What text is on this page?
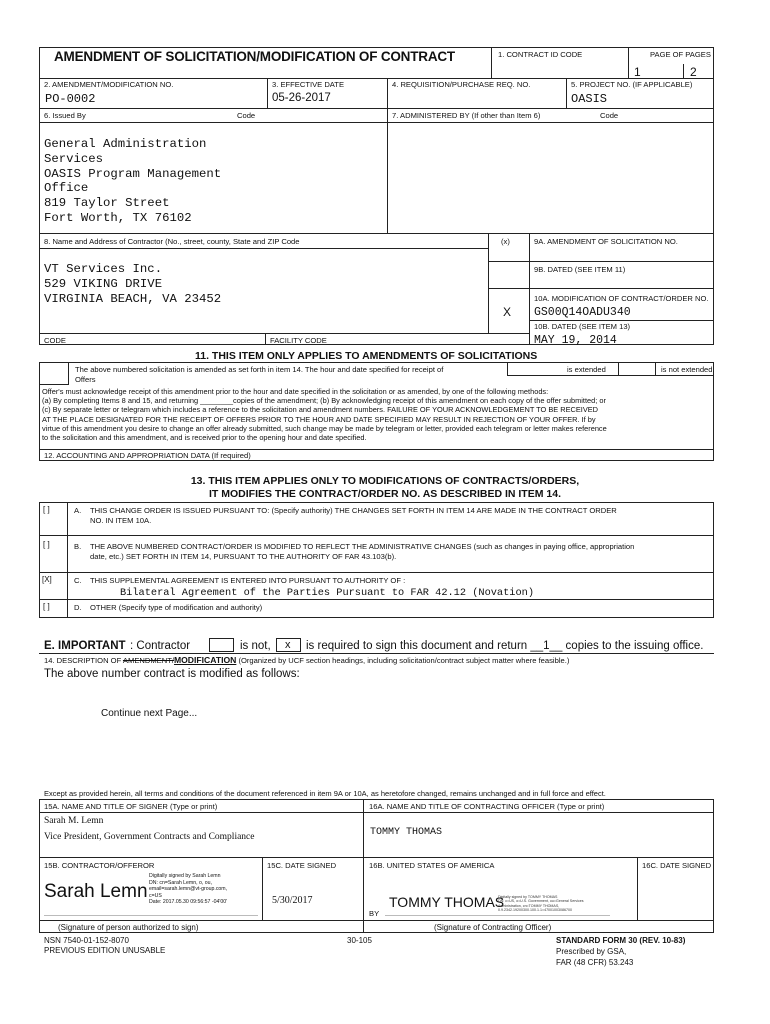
AMENDMENT OF SOLICITATION/MODIFICATION OF CONTRACT	1. CONTRACT ID CODE	PAGE OF PAGES
1	2
2. AMENDMENT/MODIFICATION NO.
PO-0002
3. EFFECTIVE DATE
05-26-2017
4. REQUISITION/PURCHASE REQ. NO.	5. PROJECT NO. (IF APPLICABLE)
OASIS
6. Issued By	Code	7. ADMINISTERED BY (If other than Item 6)	Code
General Administration
Services
OASIS Program Management
Office
819 Taylor Street
Fort Worth, TX 76102
8. Name and Address of Contractor (No., street, county, State and ZIP Code	(x)
VT Services Inc.
529 VIKING DRIVE
VIRGINIA BEACH, VA 23452
9A. AMENDMENT OF SOLICITATION NO.
9B. DATED (SEE ITEM 11)
10A. MODIFICATION OF CONTRACT/ORDER NO.
X GS00Q14OADU340
10B. DATED (SEE ITEM 13)
MAY 19, 2014
CODE	FACILITY CODE
11. THIS ITEM ONLY APPLIES TO AMENDMENTS OF SOLICITATIONS
The above numbered solicitation is amended as set forth in item 14. The hour and date specified for receipt of
Offers
is extended	is not extended.
Offer's must acknowledge receipt of this amendment prior to the hour and date specified in the solicitation or as amended, by one of the following methods:
(a) By completing Items 8 and 15, and returning ________copies of the amendment; (b) By acknowledging receipt of this amendment on each copy of the offer submitted; or
(c) By separate letter or telegram which includes a reference to the solicitation and amendment numbers. FAILURE OF YOUR ACKNOWLEDGEMENT TO BE RECEIVED
AT THE PLACE DESIGNATED FOR THE RECEIPT OF OFFERS PRIOR TO THE HOUR AND DATE SPECIFIED MAY RESULT IN REJECTION OF YOUR OFFER. If by
virtue of this amendment you desire to change an offer already submitted, such change may be made by telegram or letter, provided each telegram or letter makes reference
to the solicitation and this amendment, and is received prior to the opening hour and date specified.
12. ACCOUNTING AND APPROPRIATION DATA (If required)
13. THIS ITEM APPLIES ONLY TO MODIFICATIONS OF CONTRACTS/ORDERS,
IT MODIFIES THE CONTRACT/ORDER NO. AS DESCRIBED IN ITEM 14.
[ ]	A. THIS CHANGE ORDER IS ISSUED PURSUANT TO: (Specify authority) THE CHANGES SET FORTH IN ITEM 14 ARE MADE IN THE CONTRACT ORDER
NO. IN ITEM 10A.
[ ]	B. THE ABOVE NUMBERED CONTRACT/ORDER IS MODIFIED TO REFLECT THE ADMINISTRATIVE CHANGES (such as changes in paying office, appropriation
date, etc.) SET FORTH IN ITEM 14, PURSUANT TO THE AUTHORITY OF FAR 43.103(b).
[X]	C. THIS SUPPLEMENTAL AGREEMENT IS ENTERED INTO PURSUANT TO AUTHORITY OF :
Bilateral Agreement of the Parties Pursuant to FAR 42.12 (Novation)
[ ]	D. OTHER (Specify type of modification and authority)
E. IMPORTANT : Contractor	is not, x is required to sign this document and return __1__ copies to the issuing office.
14. DESCRIPTION OF AMENDMENT/MODIFICATION (Organized by UCF section headings, including solicitation/contract subject matter where feasible.)
The above number contract is modified as follows:
Continue next Page...
Except as provided herein, all terms and conditions of the document referenced in item 9A or 10A, as heretofore changed, remains unchanged and in full force and effect.
15A. NAME AND TITLE OF SIGNER (Type or print)	16A. NAME AND TITLE OF CONTRACTING OFFICER (Type or print)
Sarah M. Lemn
Vice President, Government Contracts and Compliance	TOMMY THOMAS
15B. CONTRACTOR/OFFEROR	15C. DATE SIGNED	16B. UNITED STATES OF AMERICA	16C. DATE SIGNED
Sarah Lemn
Digitally signed by Sarah Lemn
DN: cn=Sarah Lemn, o, ou,
email=sarah.lemn@vt-group.com,
c=US
Date: 2017.05.30 09:56:57 -04'00'	5/30/2017
BY
TOMMY THOMAS
Digitally signed by TOMMY THOMAS
DN: c=US, o=U.S. Government, ou=General Services
Administration, cn=TOMMY THOMAS,
0.9.2342.19200300.100.1.1=47001003086700
(Signature of person authorized to sign)	(Signature of Contracting Officer)
NSN 7540-01-152-8070
PREVIOUS EDITION UNUSABLE
30-105	STANDARD FORM 30 (REV. 10-83)
Prescribed by GSA,
FAR (48 CFR) 53.243
